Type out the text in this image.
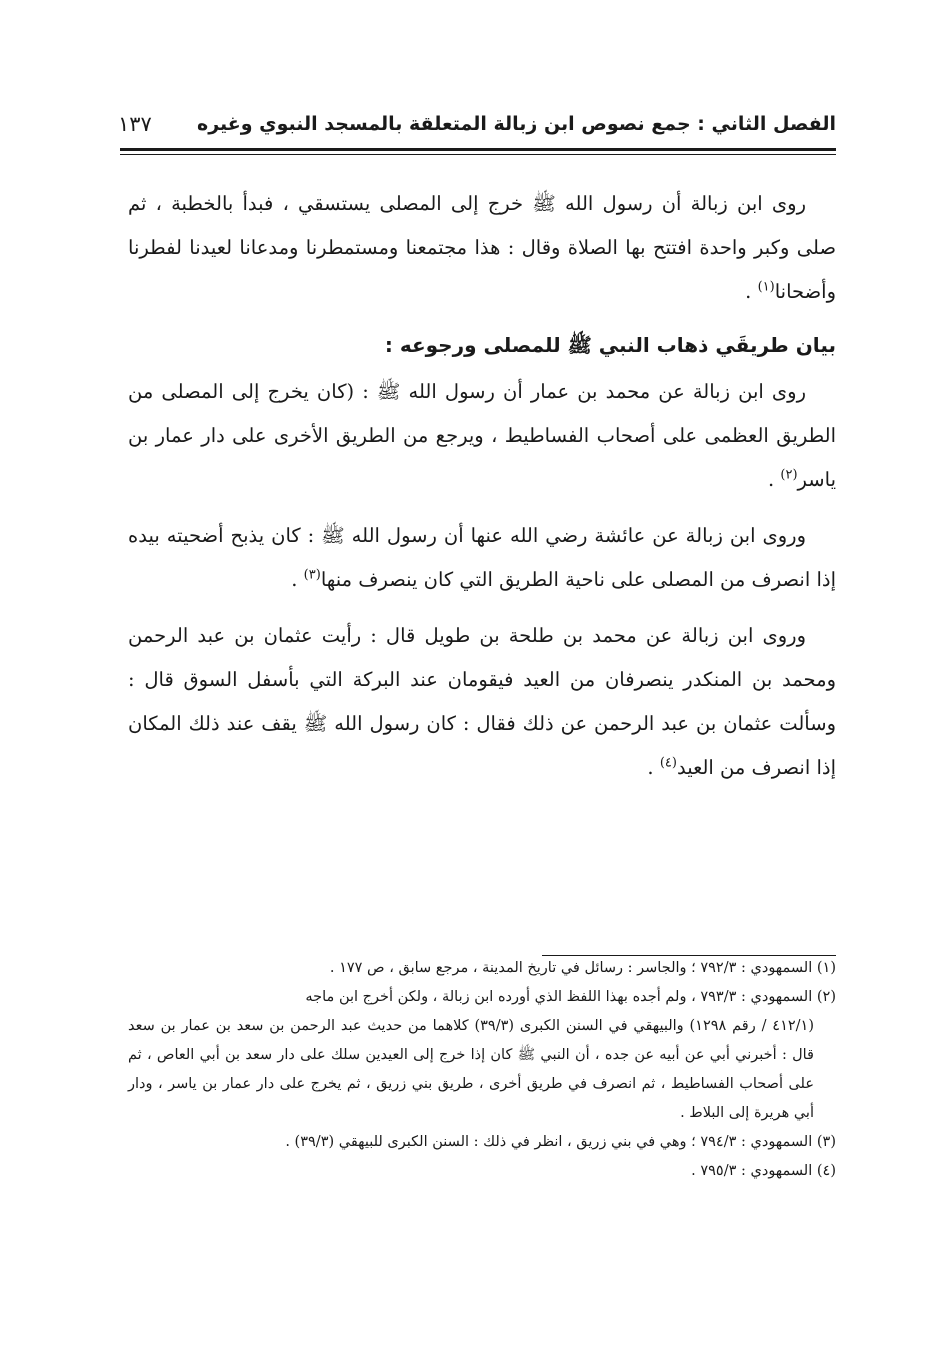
الفصل الثاني : جمع نصوص ابن زبالة المتعلقة بالمسجد النبوي وغيره
١٣٧

روى ابن زبالة أن رسول الله ﷺ خرج إلى المصلى يستسقي ، فبدأ بالخطبة ، ثم صلى وكبر واحدة افتتح بها الصلاة وقال : هذا مجتمعنا ومستمطرنا ومدعانا لعيدنا لفطرنا وأضحانا$^{(١)}$ .

بيان طريقَي ذهاب النبي ﷺ للمصلى ورجوعه :

روى ابن زبالة عن محمد بن عمار أن رسول الله ﷺ : (كان يخرج إلى المصلى من الطريق العظمى على أصحاب الفساطيط ، ويرجع من الطريق الأخرى على دار عمار بن ياسر$^{(٢)}$ .

وروى ابن زبالة عن عائشة رضي الله عنها أن رسول الله ﷺ : كان يذبح أضحيته بيده إذا انصرف من المصلى على ناحية الطريق التي كان ينصرف منها$^{(٣)}$ .

وروى ابن زبالة عن محمد بن طلحة بن طويل قال : رأيت عثمان بن عبد الرحمن ومحمد بن المنكدر ينصرفان من العيد فيقومان عند البركة التي بأسفل السوق قال : وسألت عثمان بن عبد الرحمن عن ذلك فقال : كان رسول الله ﷺ يقف عند ذلك المكان إذا انصرف من العيد$^{(٤)}$ .

(١) السمهودي : ٧٩٢/٣ ؛ والجاسر : رسائل في تاريخ المدينة ، مرجع سابق ، ص ١٧٧ .

(٢) السمهودي : ٧٩٣/٣ ، ولم أجده بهذا اللفظ الذي أورده ابن زبالة ، ولكن أخرج ابن ماجه

(٤١٢/١ / رقم ١٢٩٨) والبيهقي في السنن الكبرى (٣٩/٣) كلاهما من حديث عبد الرحمن بن سعد بن عمار بن سعد قال : أخبرني أبي عن أبيه عن جده ، أن النبي ﷺ كان إذا خرج إلى العيدين سلك على دار سعد بن أبي العاص ، ثم على أصحاب الفساطيط ، ثم انصرف في طريق أخرى ، طريق بني زريق ، ثم يخرج على دار عمار بن ياسر ، ودار أبي هريرة إلى البلاط .

(٣) السمهودي : ٧٩٤/٣ ؛ وهي في بني زريق ، انظر في ذلك : السنن الكبرى للبيهقي (٣٩/٣) .

(٤) السمهودي : ٧٩٥/٣ .
